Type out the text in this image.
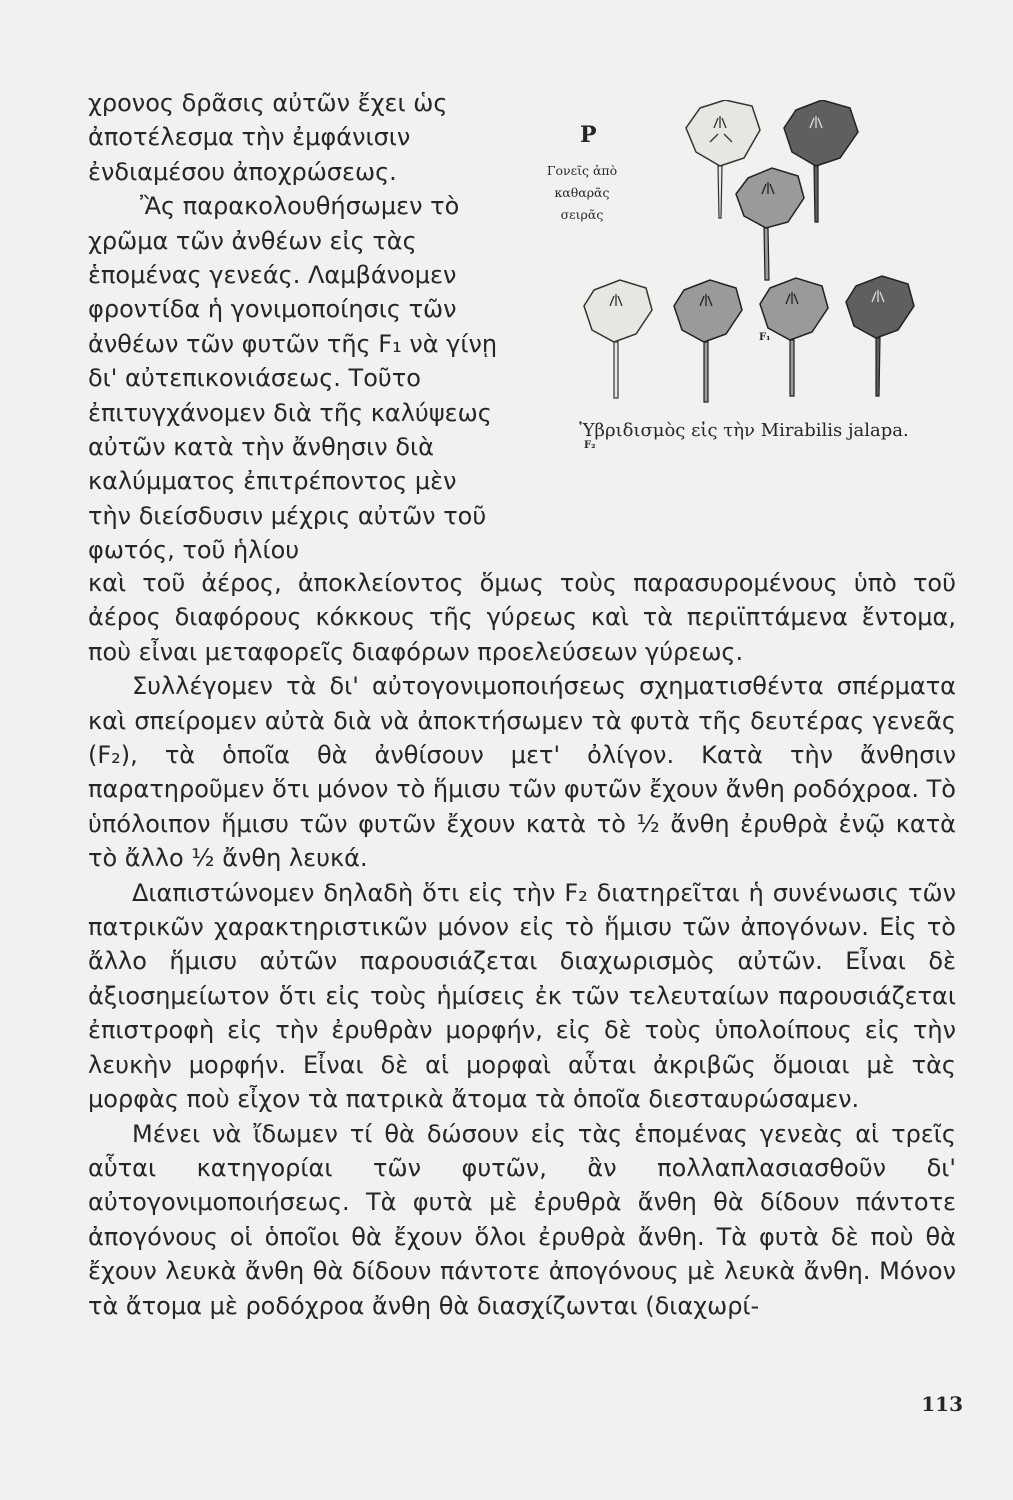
χρονος δρᾶσις αὐτῶν ἔχει ὡς ἀποτέλεσμα τὴν ἐμφάνισιν ἐνδιαμέσου ἀποχρώσεως.

Ἂς παρακολουθήσωμεν τὸ χρῶμα τῶν ἀνθέων εἰς τὰς ἑπομένας γενεάς. Λαμβάνομεν φροντίδα ἡ γονιμοποίησις τῶν ἀνθέων τῶν φυτῶν τῆς F₁ νὰ γίνῃ δι' αὐτεπικονιάσεως. Τοῦτο ἐπιτυγχάνομεν διὰ τῆς καλύψεως αὐτῶν κατὰ τὴν ἄνθησιν διὰ καλύμματος ἐπιτρέποντος μὲν τὴν διείσδυσιν μέχρις αὐτῶν τοῦ φωτός, τοῦ ἡλίου

P
Γονεῖς ἀπὸ καθαρᾶς σειρᾶς
F₁
F₂
Ὑβριδισμὸς εἰς τὴν Mirabilis jalapa.

καὶ τοῦ ἀέρος, ἀποκλείοντος ὅμως τοὺς παρασυρομένους ὑπὸ τοῦ ἀέρος διαφόρους κόκκους τῆς γύρεως καὶ τὰ περιϊπτάμενα ἔντομα, ποὺ εἶναι μεταφορεῖς διαφόρων προελεύσεων γύρεως.

Συλλέγομεν τὰ δι' αὐτογονιμοποιήσεως σχηματισθέντα σπέρματα καὶ σπείρομεν αὐτὰ διὰ νὰ ἀποκτήσωμεν τὰ φυτὰ τῆς δευτέρας γενεᾶς (F₂), τὰ ὁποῖα θὰ ἀνθίσουν μετ' ὀλίγον. Κατὰ τὴν ἄνθησιν παρατηροῦμεν ὅτι μόνον τὸ ἥμισυ τῶν φυτῶν ἔχουν ἄνθη ροδόχροα. Τὸ ὑπόλοιπον ἥμισυ τῶν φυτῶν ἔχουν κατὰ τὸ ½ ἄνθη ἐρυθρὰ ἐνῷ κατὰ τὸ ἄλλο ½ ἄνθη λευκά.

Διαπιστώνομεν δηλαδὴ ὅτι εἰς τὴν F₂ διατηρεῖται ἡ συνένωσις τῶν πατρικῶν χαρακτηριστικῶν μόνον εἰς τὸ ἥμισυ τῶν ἀπογόνων. Εἰς τὸ ἄλλο ἥμισυ αὐτῶν παρουσιάζεται διαχωρισμὸς αὐτῶν. Εἶναι δὲ ἀξιοσημείωτον ὅτι εἰς τοὺς ἡμίσεις ἐκ τῶν τελευταίων παρουσιάζεται ἐπιστροφὴ εἰς τὴν ἐρυθρὰν μορφήν, εἰς δὲ τοὺς ὑπολοίπους εἰς τὴν λευκὴν μορφήν. Εἶναι δὲ αἱ μορφαὶ αὗται ἀκριβῶς ὅμοιαι μὲ τὰς μορφὰς ποὺ εἶχον τὰ πατρικὰ ἄτομα τὰ ὁποῖα διεσταυρώσαμεν.

Μένει νὰ ἴδωμεν τί θὰ δώσουν εἰς τὰς ἑπομένας γενεὰς αἱ τρεῖς αὗται κατηγορίαι τῶν φυτῶν, ἂν πολλαπλασιασθοῦν δι' αὐτογονιμοποιήσεως. Τὰ φυτὰ μὲ ἐρυθρὰ ἄνθη θὰ δίδουν πάντοτε ἀπογόνους οἱ ὁποῖοι θὰ ἔχουν ὅλοι ἐρυθρὰ ἄνθη. Τὰ φυτὰ δὲ ποὺ θὰ ἔχουν λευκὰ ἄνθη θὰ δίδουν πάντοτε ἀπογόνους μὲ λευκὰ ἄνθη. Μόνον τὰ ἄτομα μὲ ροδόχροα ἄνθη θὰ διασχίζωνται (διαχωρί-

113
